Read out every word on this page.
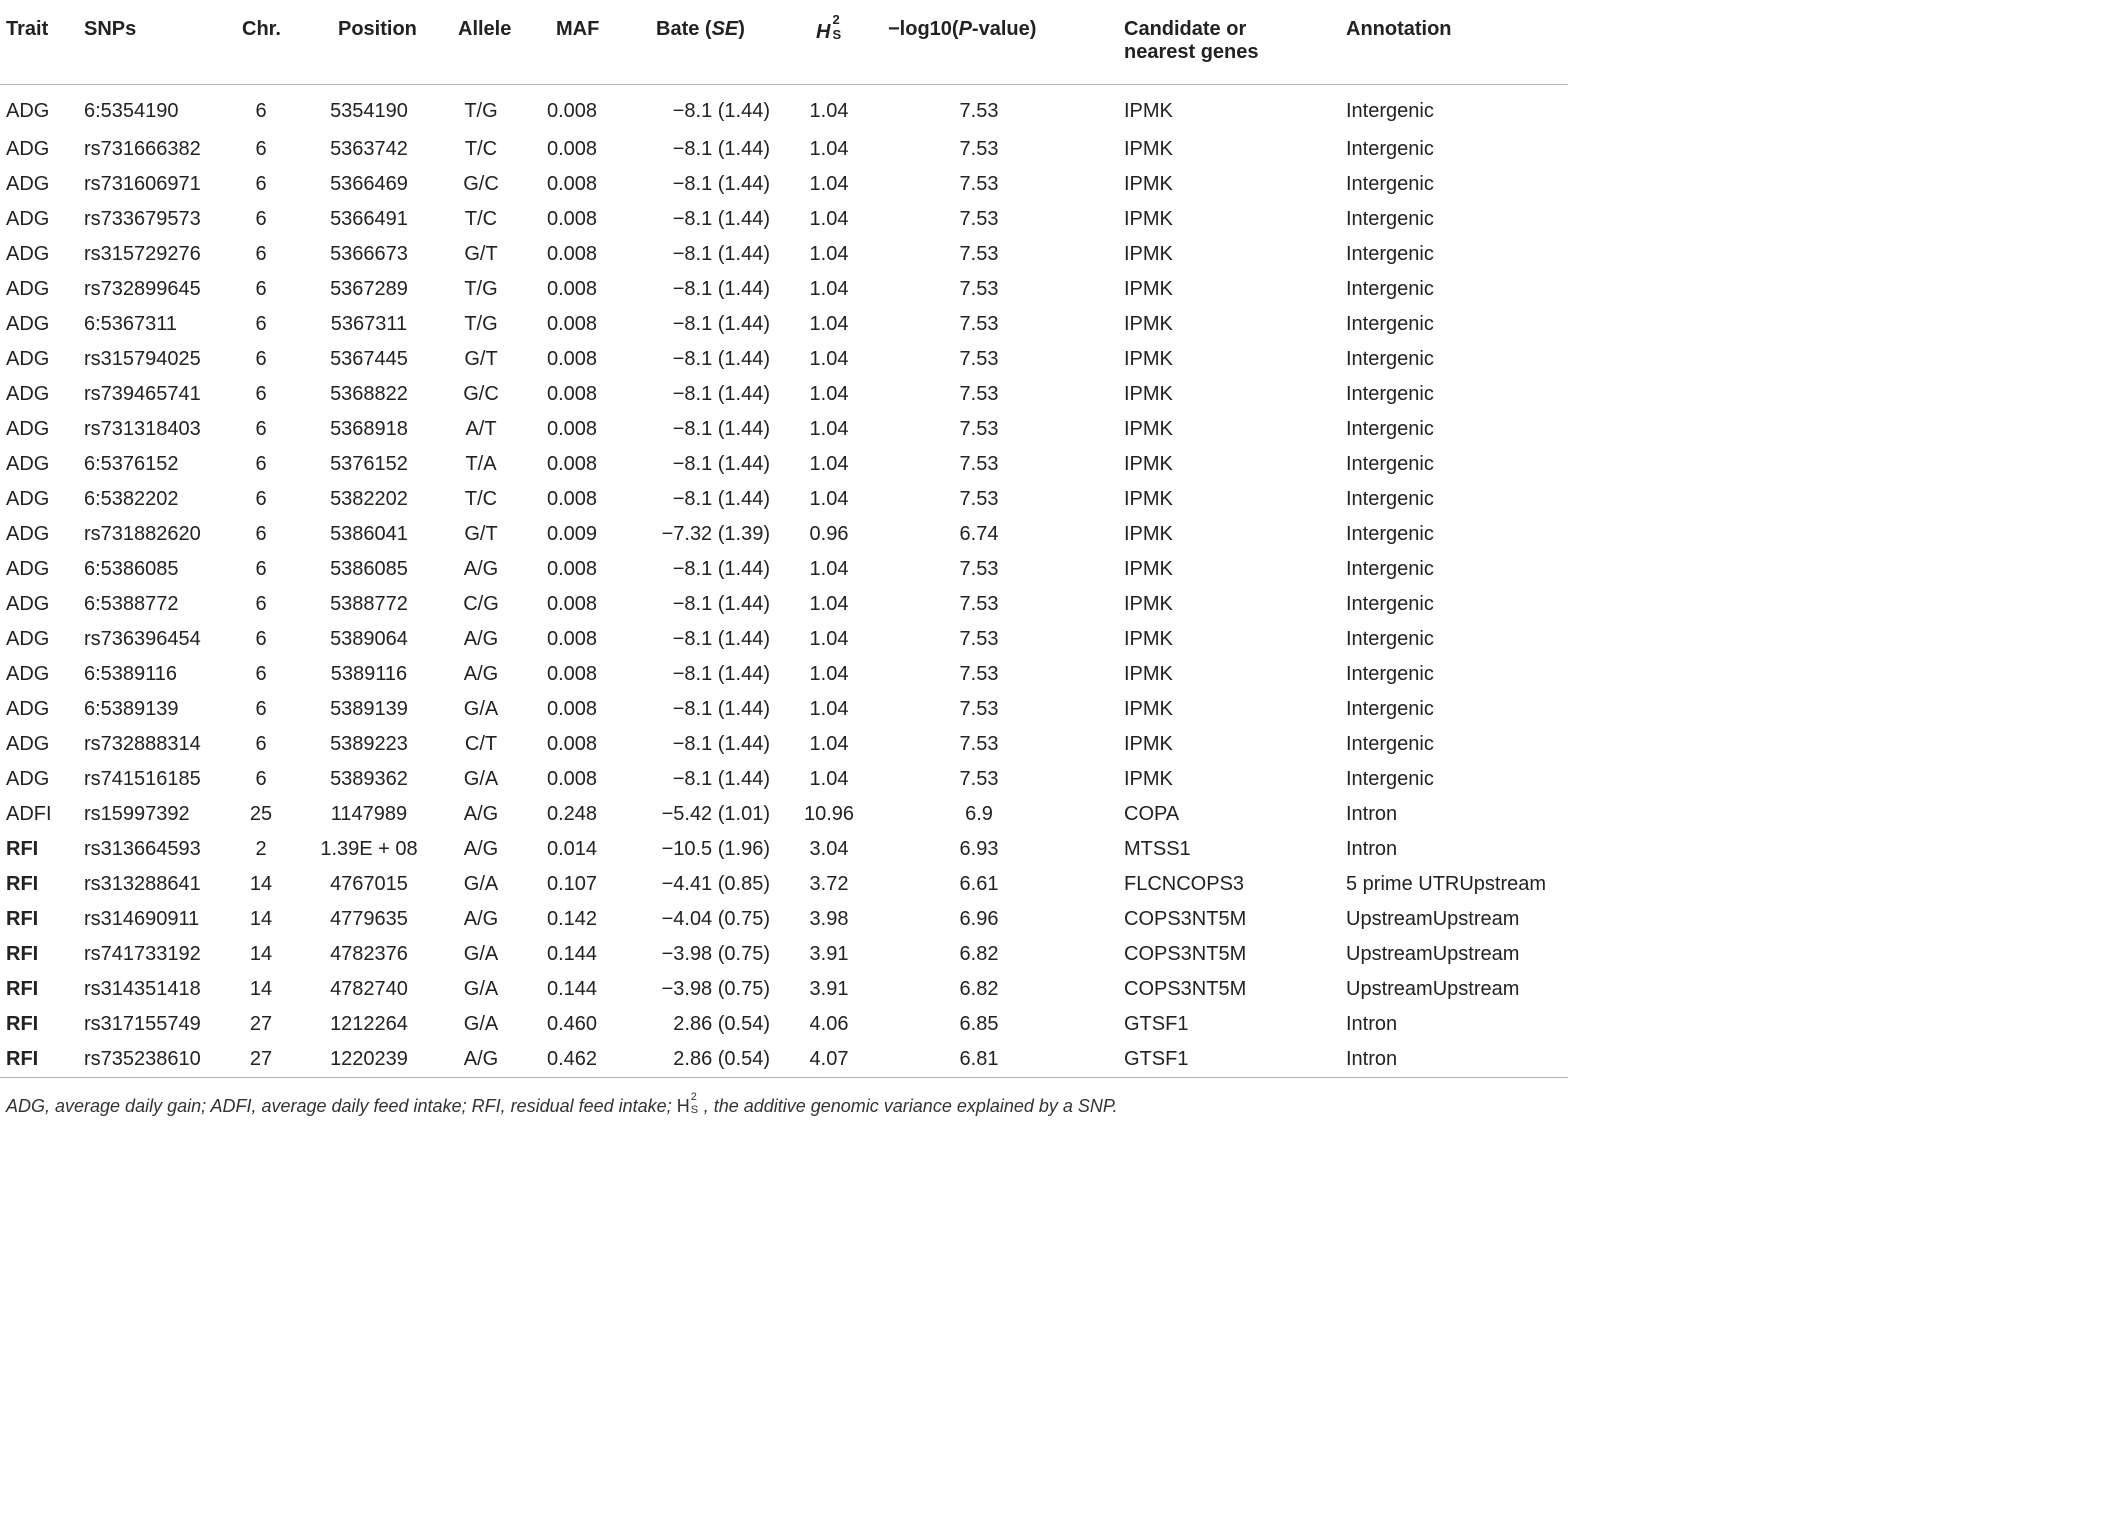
Trait	SNPs	Chr.	Position	Allele	MAF	Bate (SE)	H
2
S	−log10(P-value)	Candidate or
nearest genes	Annotation
ADG	6:5354190	6	5354190	T/G	0.008	−8.1 (1.44)	1.04	7.53	IPMK	Intergenic
ADG	rs731666382	6	5363742	T/C	0.008	−8.1 (1.44)	1.04	7.53	IPMK	Intergenic
ADG	rs731606971	6	5366469	G/C	0.008	−8.1 (1.44)	1.04	7.53	IPMK	Intergenic
ADG	rs733679573	6	5366491	T/C	0.008	−8.1 (1.44)	1.04	7.53	IPMK	Intergenic
ADG	rs315729276	6	5366673	G/T	0.008	−8.1 (1.44)	1.04	7.53	IPMK	Intergenic
ADG	rs732899645	6	5367289	T/G	0.008	−8.1 (1.44)	1.04	7.53	IPMK	Intergenic
ADG	6:5367311	6	5367311	T/G	0.008	−8.1 (1.44)	1.04	7.53	IPMK	Intergenic
ADG	rs315794025	6	5367445	G/T	0.008	−8.1 (1.44)	1.04	7.53	IPMK	Intergenic
ADG	rs739465741	6	5368822	G/C	0.008	−8.1 (1.44)	1.04	7.53	IPMK	Intergenic
ADG	rs731318403	6	5368918	A/T	0.008	−8.1 (1.44)	1.04	7.53	IPMK	Intergenic
ADG	6:5376152	6	5376152	T/A	0.008	−8.1 (1.44)	1.04	7.53	IPMK	Intergenic
ADG	6:5382202	6	5382202	T/C	0.008	−8.1 (1.44)	1.04	7.53	IPMK	Intergenic
ADG	rs731882620	6	5386041	G/T	0.009	−7.32 (1.39)	0.96	6.74	IPMK	Intergenic
ADG	6:5386085	6	5386085	A/G	0.008	−8.1 (1.44)	1.04	7.53	IPMK	Intergenic
ADG	6:5388772	6	5388772	C/G	0.008	−8.1 (1.44)	1.04	7.53	IPMK	Intergenic
ADG	rs736396454	6	5389064	A/G	0.008	−8.1 (1.44)	1.04	7.53	IPMK	Intergenic
ADG	6:5389116	6	5389116	A/G	0.008	−8.1 (1.44)	1.04	7.53	IPMK	Intergenic
ADG	6:5389139	6	5389139	G/A	0.008	−8.1 (1.44)	1.04	7.53	IPMK	Intergenic
ADG	rs732888314	6	5389223	C/T	0.008	−8.1 (1.44)	1.04	7.53	IPMK	Intergenic
ADG	rs741516185	6	5389362	G/A	0.008	−8.1 (1.44)	1.04	7.53	IPMK	Intergenic
ADFI	rs15997392	25	1147989	A/G	0.248	−5.42 (1.01)	10.96	6.9	COPA	Intron
RFI	rs313664593	2	1.39E + 08	A/G	0.014	−10.5 (1.96)	3.04	6.93	MTSS1	Intron
RFI	rs313288641	14	4767015	G/A	0.107	−4.41 (0.85)	3.72	6.61	FLCNCOPS3	5 prime UTRUpstream
RFI	rs314690911	14	4779635	A/G	0.142	−4.04 (0.75)	3.98	6.96	COPS3NT5M	UpstreamUpstream
RFI	rs741733192	14	4782376	G/A	0.144	−3.98 (0.75)	3.91	6.82	COPS3NT5M	UpstreamUpstream
RFI	rs314351418	14	4782740	G/A	0.144	−3.98 (0.75)	3.91	6.82	COPS3NT5M	UpstreamUpstream
RFI	rs317155749	27	1212264	G/A	0.460	2.86 (0.54)	4.06	6.85	GTSF1	Intron
RFI	rs735238610	27	1220239	A/G	0.462	2.86 (0.54)	4.07	6.81	GTSF1	Intron
ADG, average daily gain; ADFI, average daily feed intake; RFI, residual feed intake; H 2
S , the additive genomic variance explained by a SNP.
